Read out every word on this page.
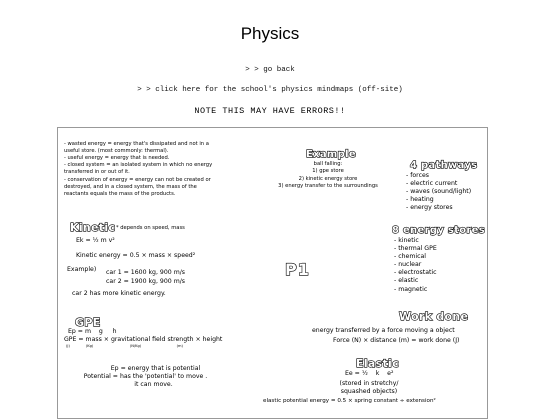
Physics
> > go back
> > click here for the school's physics mindmaps (off-site)
NOTE THIS MAY HAVE ERRORS!!
- wasted energy = energy that's dissipated and not in a
useful store. (most commonly: thermal).
- useful energy = energy that is needed.
- closed system = an isolated system in which no energy
transferred in or out of it.
- conservation of energy = energy can not be created or
destroyed, and in a closed system, the mass of the
reactants equals the mass of the products.
Kinetic * depends on speed, mass
Ek = ½ m v²
Kinetic energy = 0.5 × mass × speed²
Example) car 1 = 1600 kg, 900 m/s
car 2 = 1900 kg, 900 m/s
car 2 has more kinetic energy.
GPE
Ep = m    g     h
GPE = mass × gravitational field strength × height
(J)              (Kg)                                (N/Kg)                               (m)
Ep = energy that is potential
Potential = has the 'potential' to move .
it can move.
P1
Example
ball falling:
1) gpe store
2) kinetic energy store
3) energy transfer to the surroundings
4 pathways
- forces
- electric current
- waves (sound/light)
- heating
- energy stores
8 energy stores
- kinetic
- thermal GPE
- chemical
- nuclear
- electrostatic
- elastic
- magnetic
Work done
energy transferred by a force moving a object
Force (N) × distance (m) = work done (J)
Elastic
Ee = ½    k    e²
(stored in stretchy/
squashed objects)
elastic potential energy = 0.5 × spring constant ÷ extension²
